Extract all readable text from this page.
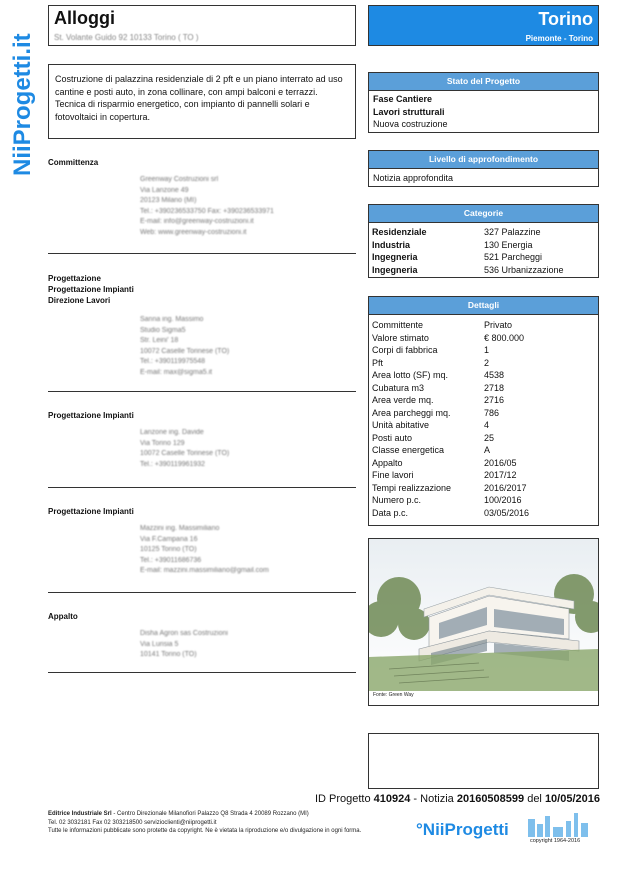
NiiProgetti.it
Alloggi
St. Volante Guido 92 10133 Torino ( TO )
Torino
Piemonte - Torino
Costruzione di palazzina residenziale di 2 pft e un piano interrato ad uso cantine e posti auto, in zona collinare, con ampi balconi e terrazzi. Tecnica di risparmio energetico, con impianto di pannelli solari e fotovoltaici in copertura.
Committenza
Greenway Costruzioni srl
Via Lanzone 49
20123 Milano (MI)
Tel.: +390236533750 Fax: +390236533971
E-mail: info@greenway-costruzioni.it
Web: www.greenway-costruzioni.it
Progettazione
Progettazione Impianti
Direzione Lavori
Sanna ing. Massimo
Studio Sigma5
Str. Leini' 18
10072 Caselle Torinese (TO)
Tel.: +390119975548
E-mail: max@sigma5.it
Progettazione Impianti
Lanzone ing. Davide
Via Torino 129
10072 Caselle Torinese (TO)
Tel.: +390119961932
Progettazione Impianti
Mazzini ing. Massimiliano
Via F.Campana 16
10125 Torino (TO)
Tel.: +39011686736
E-mail: mazzini.massimiliano@gmail.com
Appalto
Disha Agron sas Costruzioni
Via Lurisia 5
10141 Torino (TO)
Stato del Progetto
Fase Cantiere
Lavori strutturali
Nuova costruzione
Livello di approfondimento
Notizia approfondita
Categorie
Residenziale	327 Palazzine
Industria	130 Energia
Ingegneria	521 Parcheggi
Ingegneria	536 Urbanizzazione
Dettagli
Committente	Privato
Valore stimato	€ 800.000
Corpi di fabbrica	1
Pft	2
Area lotto (SF) mq.	4538
Cubatura m3	2718
Area verde mq.	2716
Area parcheggi mq.	786
Unità abitative	4
Posti auto	25
Classe energetica	A
Appalto	2016/05
Fine lavori	2017/12
Tempi realizzazione	2016/2017
Numero p.c.	100/2016
Data p.c.	03/05/2016
Fonte: Green Way
ID Progetto 410924 - Notizia 20160508599 del 10/05/2016
Editrice Industriale Srl - Centro Direzionale Milanofiori Palazzo Q8 Strada 4 20089 Rozzano (MI)
Tel. 02 3032181 Fax 02 303218500 servizioclienti@niiprogetti.it
Tutte le informazioni pubblicate sono protette da copyright. Ne è vietata la riproduzione e/o divulgazione in ogni forma.	°NiiProgetti
copyright 1964-2016
